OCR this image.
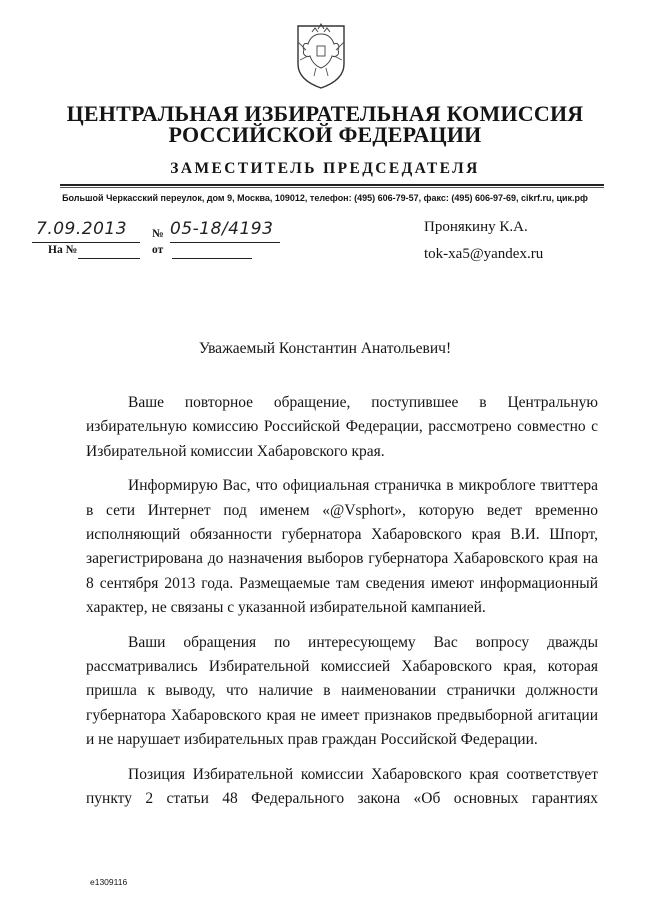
ЦЕНТРАЛЬНАЯ ИЗБИРАТЕЛЬНАЯ КОМИССИЯ
РОССИЙСКОЙ ФЕДЕРАЦИИ
ЗАМЕСТИТЕЛЬ ПРЕДСЕДАТЕЛЯ
Большой Черкасский переулок, дом 9, Москва, 109012, телефон: (495) 606-79-57, факс: (495) 606-97-69, cikrf.ru, цик.рф
7.09.2013 № 05-18/4193
На №	от
Пронякину К.А.
tok-xa5@yandex.ru
Уважаемый Константин Анатольевич!

Ваше повторное обращение, поступившее в Центральную избирательную комиссию Российской Федерации, рассмотрено совместно с Избирательной комиссии Хабаровского края.

Информирую Вас, что официальная страничка в микроблоге твиттера в сети Интернет под именем «@Vsphort», которую ведет временно исполняющий обязанности губернатора Хабаровского края В.И. Шпорт, зарегистрирована до назначения выборов губернатора Хабаровского края на 8 сентября 2013 года. Размещаемые там сведения имеют информационный характер, не связаны с указанной избирательной кампанией.

Ваши обращения по интересующему Вас вопросу дважды рассматривались Избирательной комиссией Хабаровского края, которая пришла к выводу, что наличие в наименовании странички должности губернатора Хабаровского края не имеет признаков предвыборной агитации и не нарушает избирательных прав граждан Российской Федерации.

Позиция Избирательной комиссии Хабаровского края соответствует пункту 2 статьи 48 Федерального закона «Об основных гарантиях

e1309116
